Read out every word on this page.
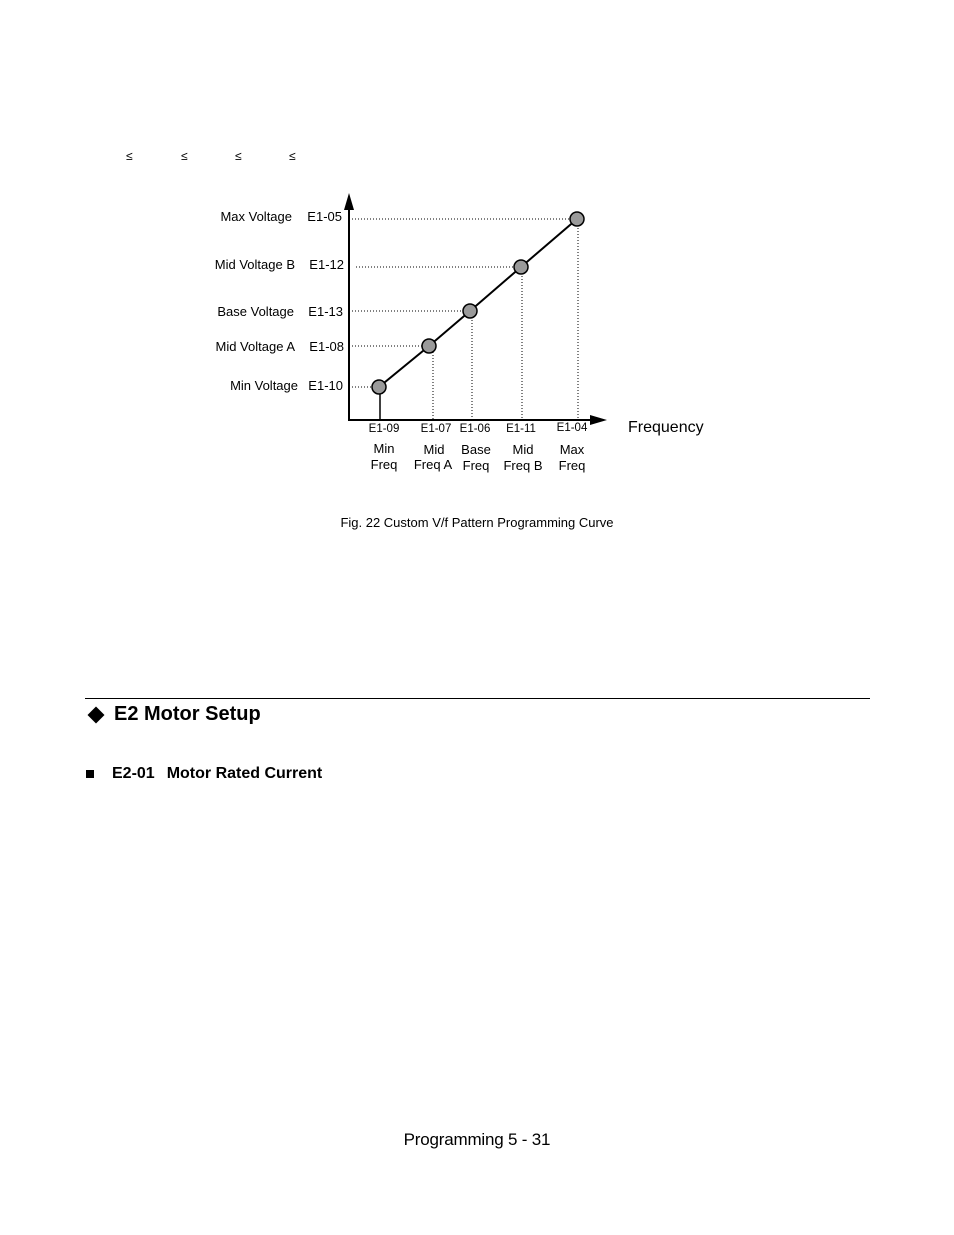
≤	≤	≤	≤
Max Voltage E1-05
Mid Voltage B E1-12
Base Voltage E1-13
Mid Voltage A E1-08
Min Voltage E1-10
E1-09 E1-07 E1-06 E1-11 E1-04
Min
Freq
Mid
Freq A
Base
Freq
Mid
Freq B
Max
Freq
Frequency
Fig. 22 Custom V/f Pattern Programming Curve
E2 Motor Setup
E2-01 Motor Rated Current
Programming 5 - 31
